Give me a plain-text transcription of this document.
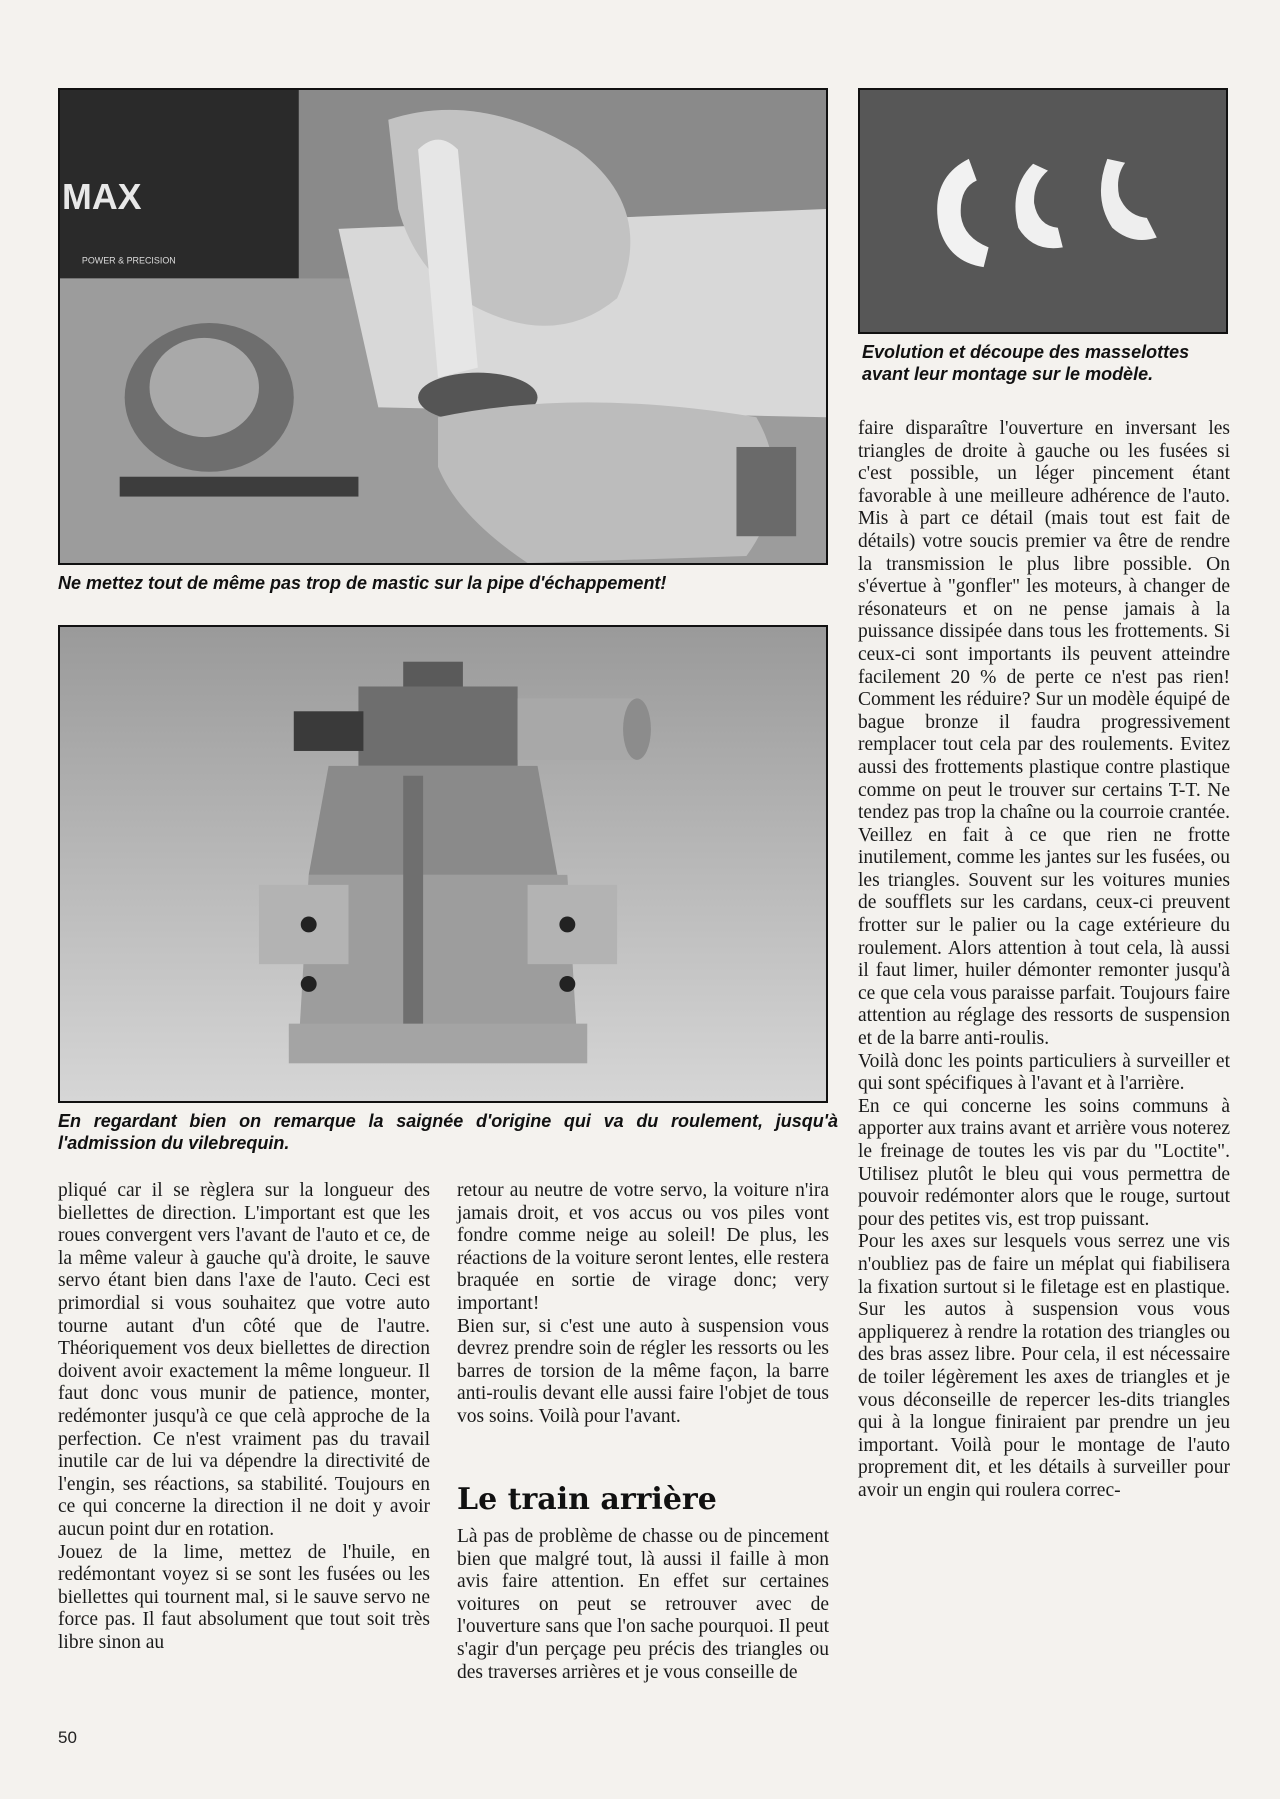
MAX
POWER & PRECISION
Ne mettez tout de même pas trop de mastic sur la pipe d'échappement!
En regardant bien on remarque la saignée d'origine qui va du roulement, jusqu'à l'admission du vilebrequin.
Evolution et découpe des masselottes avant leur montage sur le modèle.

pliqué car il se règlera sur la longueur des biellettes de direction. L'important est que les roues convergent vers l'avant de l'auto et ce, de la même valeur à gauche qu'à droite, le sauve servo étant bien dans l'axe de l'auto. Ceci est primordial si vous souhaitez que votre auto tourne autant d'un côté que de l'autre. Théoriquement vos deux biellettes de direction doivent avoir exactement la même longueur. Il faut donc vous munir de patience, monter, redémonter jusqu'à ce que celà approche de la perfection. Ce n'est vraiment pas du travail inutile car de lui va dépendre la directivité de l'engin, ses réactions, sa stabilité. Toujours en ce qui concerne la direction il ne doit y avoir aucun point dur en rotation.

Jouez de la lime, mettez de l'huile, en redémontant voyez si se sont les fusées ou les biellettes qui tournent mal, si le sauve servo ne force pas. Il faut absolument que tout soit très libre sinon au

retour au neutre de votre servo, la voiture n'ira jamais droit, et vos accus ou vos piles vont fondre comme neige au soleil! De plus, les réactions de la voiture seront lentes, elle restera braquée en sortie de virage donc; very important!

Bien sur, si c'est une auto à suspension vous devrez prendre soin de régler les ressorts ou les barres de torsion de la même façon, la barre anti-roulis devant elle aussi faire l'objet de tous vos soins. Voilà pour l'avant.

Le train arrière

Là pas de problème de chasse ou de pincement bien que malgré tout, là aussi il faille à mon avis faire attention. En effet sur certaines voitures on peut se retrouver avec de l'ouverture sans que l'on sache pourquoi. Il peut s'agir d'un perçage peu précis des triangles ou des traverses arrières et je vous conseille de

faire disparaître l'ouverture en inversant les triangles de droite à gauche ou les fusées si c'est possible, un léger pincement étant favorable à une meilleure adhérence de l'auto. Mis à part ce détail (mais tout est fait de détails) votre soucis premier va être de rendre la transmission le plus libre possible. On s'évertue à "gonfler" les moteurs, à changer de résonateurs et on ne pense jamais à la puissance dissipée dans tous les frottements. Si ceux-ci sont importants ils peuvent atteindre facilement 20 % de perte ce n'est pas rien! Comment les réduire? Sur un modèle équipé de bague bronze il faudra progressivement remplacer tout cela par des roulements. Evitez aussi des frottements plastique contre plastique comme on peut le trouver sur certains T-T. Ne tendez pas trop la chaîne ou la courroie crantée. Veillez en fait à ce que rien ne frotte inutilement, comme les jantes sur les fusées, ou les triangles. Souvent sur les voitures munies de soufflets sur les cardans, ceux-ci preuvent frotter sur le palier ou la cage extérieure du roulement. Alors attention à tout cela, là aussi il faut limer, huiler démonter remonter jusqu'à ce que cela vous paraisse parfait. Toujours faire attention au réglage des ressorts de suspension et de la barre anti-roulis.

Voilà donc les points particuliers à surveiller et qui sont spécifiques à l'avant et à l'arrière.

En ce qui concerne les soins communs à apporter aux trains avant et arrière vous noterez le freinage de toutes les vis par du "Loctite". Utilisez plutôt le bleu qui vous permettra de pouvoir redémonter alors que le rouge, surtout pour des petites vis, est trop puissant.

Pour les axes sur lesquels vous serrez une vis n'oubliez pas de faire un méplat qui fiabilisera la fixation surtout si le filetage est en plastique. Sur les autos à suspension vous vous appliquerez à rendre la rotation des triangles ou des bras assez libre. Pour cela, il est nécessaire de toiler légèrement les axes de triangles et je vous déconseille de repercer les-dits triangles qui à la longue finiraient par prendre un jeu important. Voilà pour le montage de l'auto proprement dit, et les détails à surveiller pour avoir un engin qui roulera correc-

50
